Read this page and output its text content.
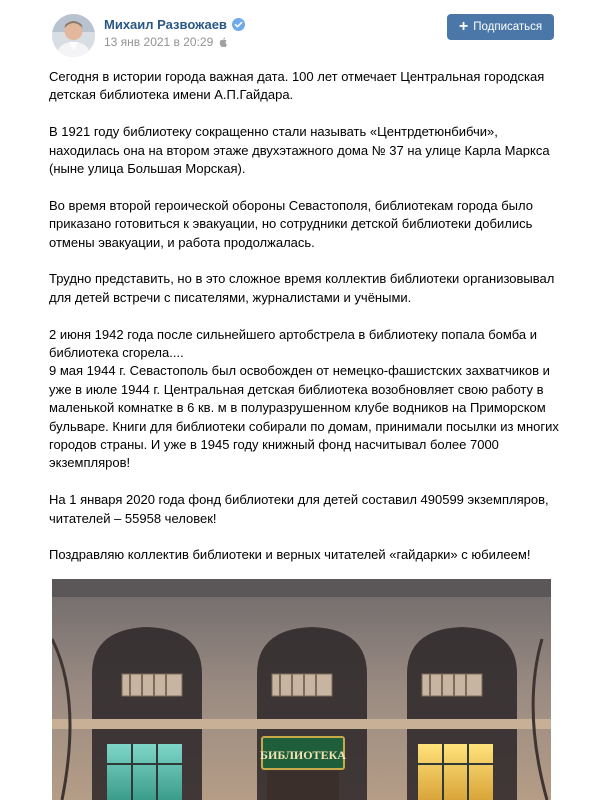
Михаил Развожаев
13 янв 2021 в 20:29
+ Подписаться

Сегодня в истории города важная дата. 100 лет отмечает Центральная городская
детская библиотека имени А.П.Гайдара.

В 1921 году библиотеку сокращенно стали называть «Центрдетюнбибчи»,
находилась она на втором этаже двухэтажного дома № 37 на улице Карла Маркса
(ныне улица Большая Морская).

Во время второй героической обороны Севастополя, библиотекам города было
приказано готовиться к эвакуации, но сотрудники детской библиотеки добились
отмены эвакуации, и работа продолжалась.

Трудно представить, но в это сложное время коллектив библиотеки организовывал
для детей встречи с писателями, журналистами и учёными.

2 июня 1942 года после сильнейшего артобстрела в библиотеку попала бомба и
библиотека сгорела....
9 мая 1944 г. Севастополь был освобожден от немецко-фашистских захватчиков и
уже в июле 1944 г. Центральная детская библиотека возобновляет свою работу в
маленькой комнатке в 6 кв. м в полуразрушенном клубе водников на Приморском
бульваре. Книги для библиотеки собирали по домам, принимали посылки из многих
городов страны. И уже в 1945 году книжный фонд насчитывал более 7000
экземпляров!

На 1 января 2020 года фонд библиотеки для детей составил 490599 экземпляров,
читателей – 55958 человек!

Поздравляю коллектив библиотеки и верных читателей «гайдарки» с юбилеем!

БИБЛИОТЕКА
